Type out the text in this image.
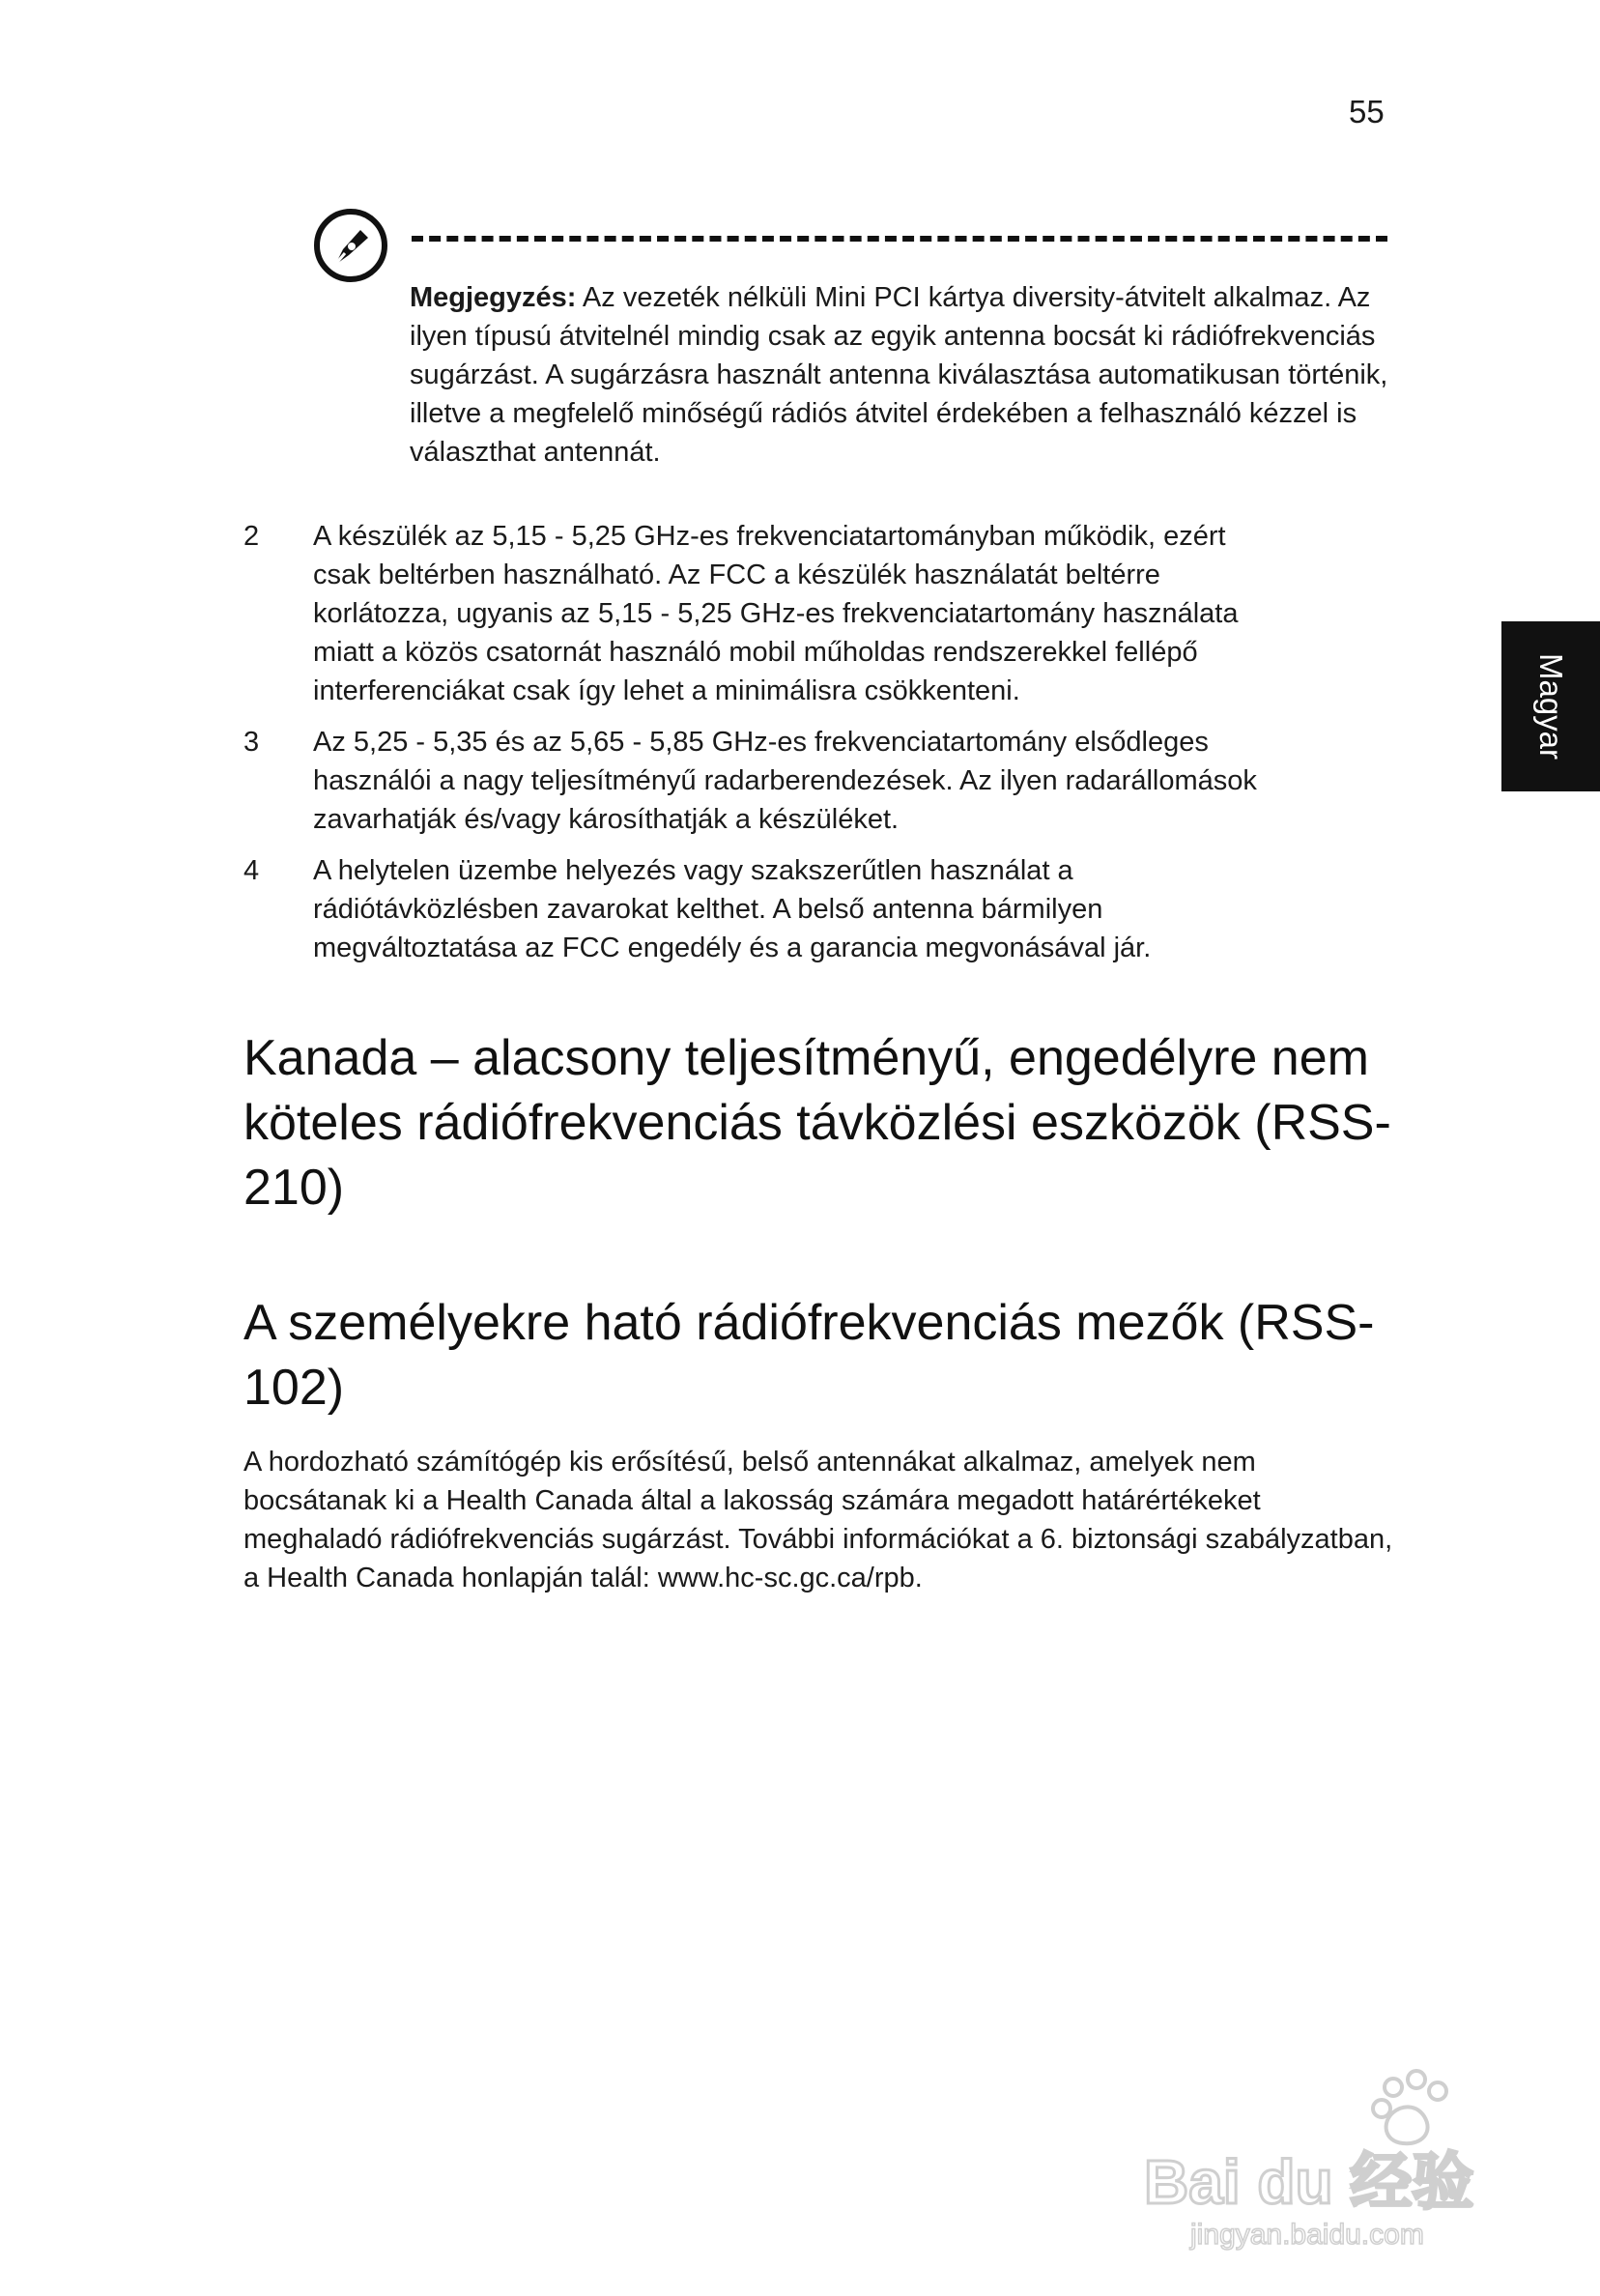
55
Magyar

Megjegyzés: Az vezeték nélküli Mini PCI kártya diversity-átvitelt alkalmaz. Az ilyen típusú átvitelnél mindig csak az egyik antenna bocsát ki rádiófrekvenciás sugárzást. A sugárzásra használt antenna kiválasztása automatikusan történik, illetve a megfelelő minőségű rádiós átvitel érdekében a felhasználó kézzel is választhat antennát.

2	A készülék az 5,15 - 5,25 GHz-es frekvenciatartományban működik, ezért csak beltérben használható. Az FCC a készülék használatát beltérre korlátozza, ugyanis az 5,15 - 5,25 GHz-es frekvenciatartomány használata miatt a közös csatornát használó mobil műholdas rendszerekkel fellépő interferenciákat csak így lehet a minimálisra csökkenteni.
3	Az 5,25 - 5,35 és az 5,65 - 5,85 GHz-es frekvenciatartomány elsődleges használói a nagy teljesítményű radarberendezések. Az ilyen radarállomások zavarhatják és/vagy károsíthatják a készüléket.
4	A helytelen üzembe helyezés vagy szakszerűtlen használat a rádiótávközlésben zavarokat kelthet. A belső antenna bármilyen megváltoztatása az FCC engedély és a garancia megvonásával jár.
Kanada – alacsony teljesítményű, engedélyre nem köteles rádiófrekvenciás távközlési eszközök (RSS-210)
A személyekre ható rádiófrekvenciás mezők (RSS-102)

A hordozható számítógép kis erősítésű, belső antennákat alkalmaz, amelyek nem bocsátanak ki a Health Canada által a lakosság számára megadott határértékeket meghaladó rádiófrekvenciás sugárzást. További információkat a 6. biztonsági szabályzatban, a Health Canada honlapján talál: www.hc-sc.gc.ca/rpb.

Bai du 经验
jingyan.baidu.com
